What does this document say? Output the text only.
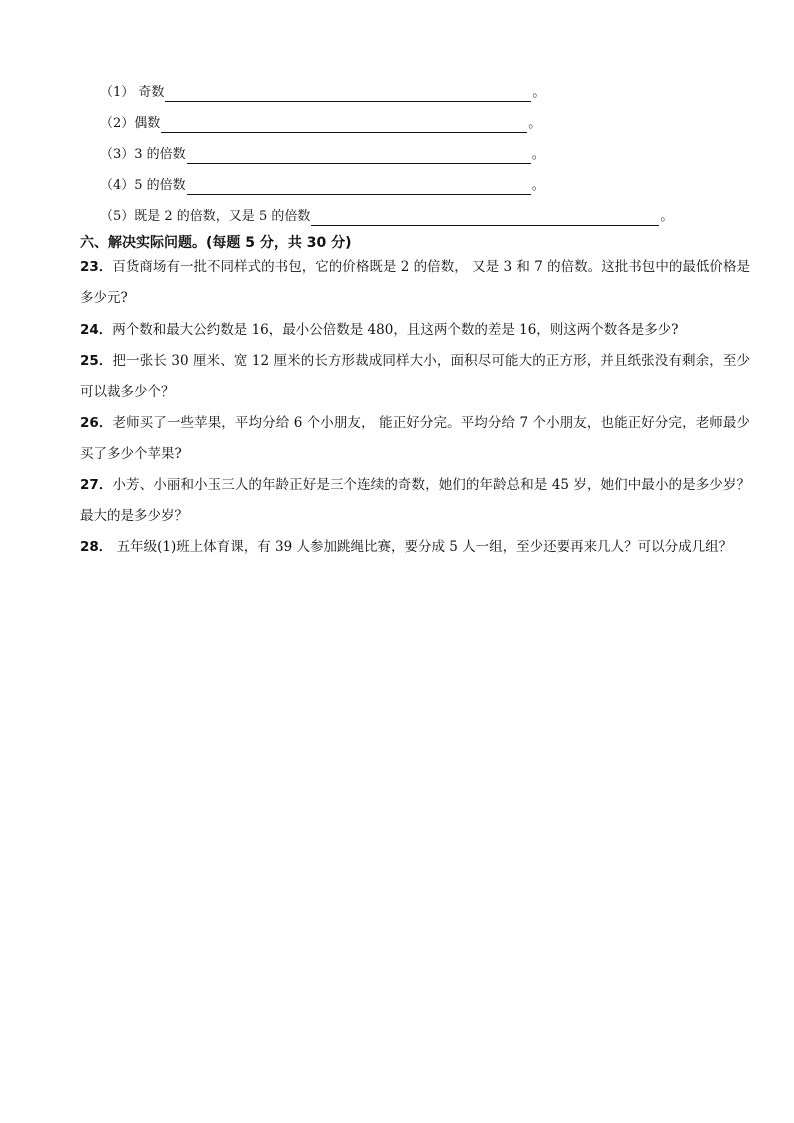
（1） 奇数	。
（2）偶数	。
（3）3 的倍数	。
（4）5 的倍数	。
（5）既是 2 的倍数，又是 5 的倍数	。
六、解决实际问题。(每题 5 分，共 30 分)
23．百货商场有一批不同样式的书包，它的价格既是 2 的倍数， 又是 3 和 7 的倍数。这批书包中的最低价格是多少元?
24．两个数和最大公约数是 16，最小公倍数是 480，且这两个数的差是 16，则这两个数各是多少?
25．把一张长 30 厘米、宽 12 厘米的长方形裁成同样大小，面积尽可能大的正方形，并且纸张没有剩余，至少可以裁多少个？
26．老师买了一些苹果，平均分给 6 个小朋友， 能正好分完。平均分给 7 个小朋友，也能正好分完，老师最少买了多少个苹果?
27．小芳、小丽和小玉三人的年龄正好是三个连续的奇数，她们的年龄总和是 45 岁，她们中最小的是多少岁？最大的是多少岁？
28． 五年级(1)班上体育课，有 39 人参加跳绳比赛，要分成 5 人一组，至少还要再来几人？可以分成几组？
